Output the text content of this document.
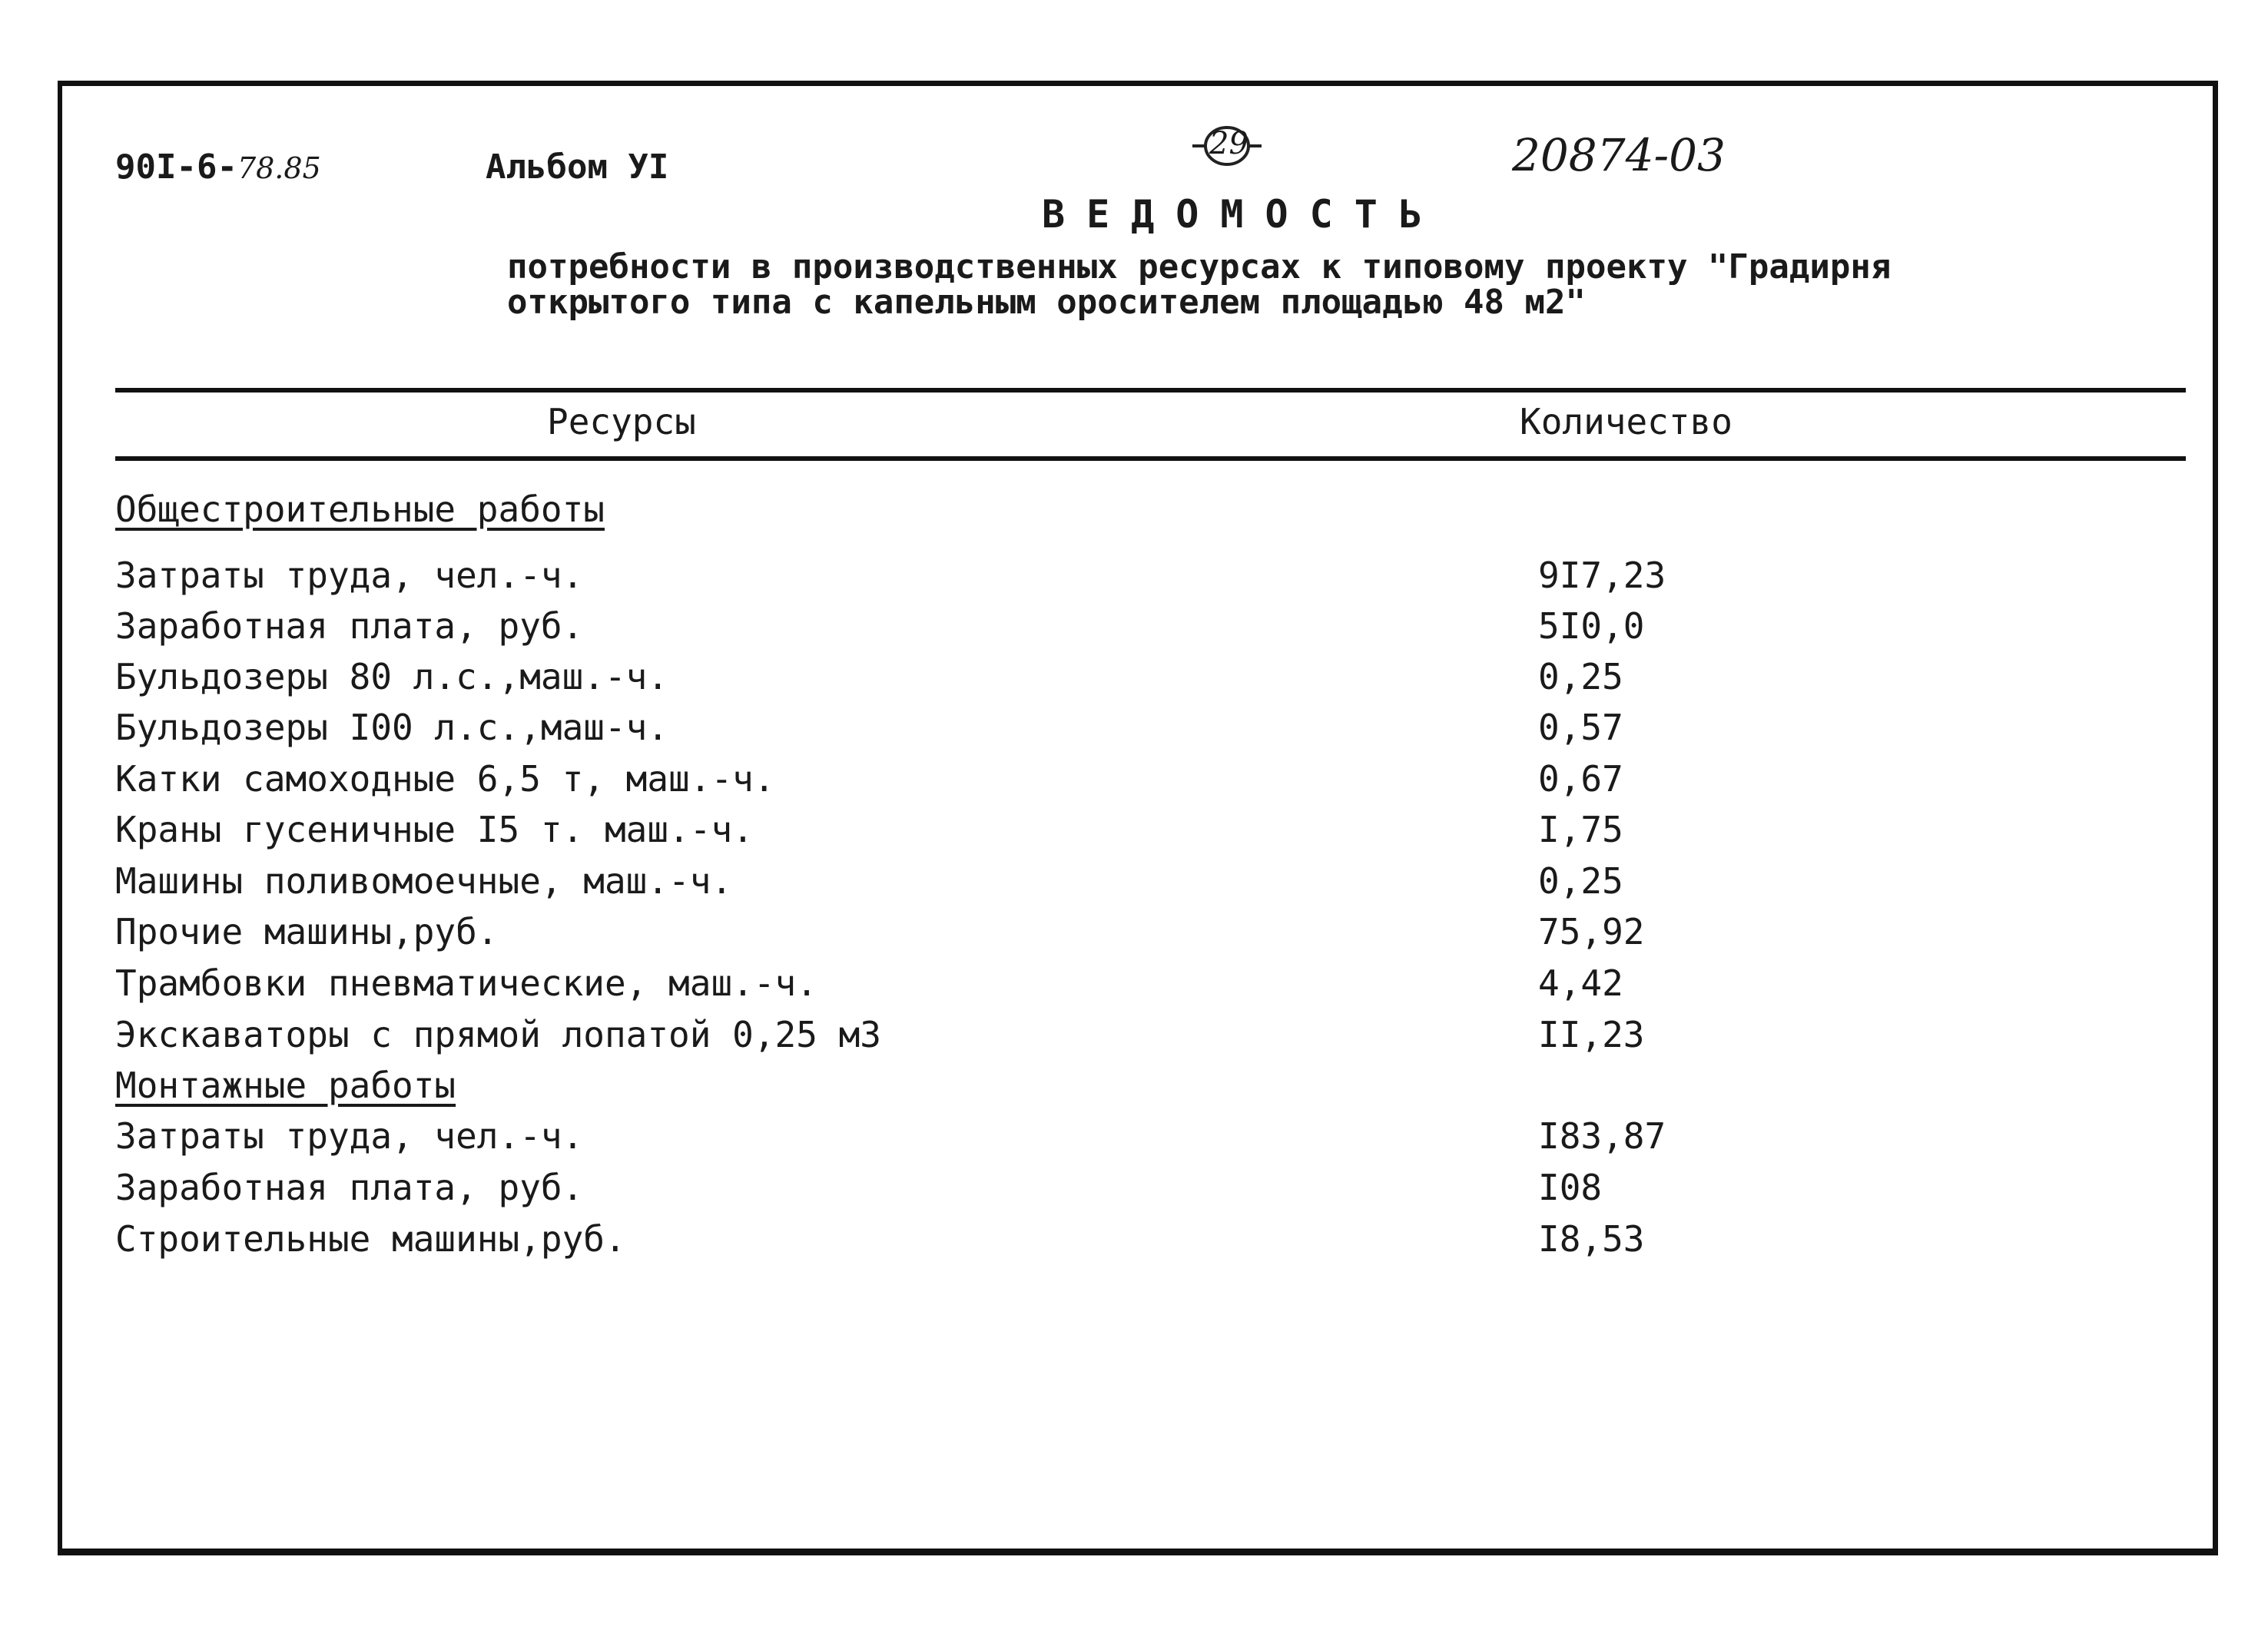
90I-6-78.85	Альбом УI
29	20874-03
ВЕДОМОСТЬ
потребности в производственных ресурсах к типовому проекту "Градирня
открытого типа с капельным оросителем площадью 48 м2"
Ресурсы	Количество
Общестроительные работы
Затраты труда, чел.-ч.	9I7,23
Заработная плата, руб.	5I0,0
Бульдозеры 80 л.с.,маш.-ч.	0,25
Бульдозеры I00 л.с.,маш-ч.	0,57
Катки самоходные 6,5 т, маш.-ч.	0,67
Краны гусеничные I5 т. маш.-ч.	I,75
Машины поливомоечные, маш.-ч.	0,25
Прочие машины,руб.	75,92
Трамбовки пневматические, маш.-ч.	4,42
Экскаваторы с прямой лопатой 0,25 м3	II,23
Монтажные работы
Затраты труда, чел.-ч.	I83,87
Заработная плата, руб.	I08
Строительные машины,руб.	I8,53
